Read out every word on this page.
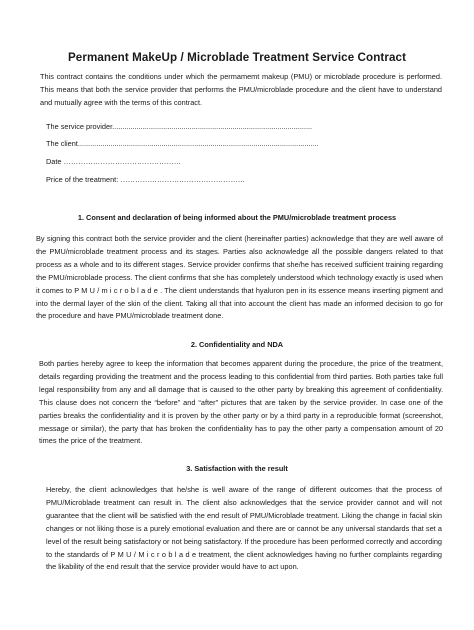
Permanent MakeUp / Microblade Treatment Service Contract
This contract contains the conditions under which the permamemt makeup (PMU) or microblade procedure is performed. This means that both the service provider that performs the PMU/microblade procedure and the client have to understand and mutually agree with the terms of this contract.
The service provider..................................................................................................
The client......................................................................................................................
Date …………………………………………
Price of the treatment: ……………………………………………
1. Consent and declaration of being informed about the PMU/microblade treatment process
By signing this contract both the service provider and the client (hereinafter parties) acknowledge that they are well aware of the PMU/microblade treatment process and its stages. Parties also acknowledge all the possible dangers related to that process as a whole and to its different stages. Service provider confirms that she/he has received sufficient training regarding the PMU/microblade process. The client confirms that she has completely understood which technology exactly is used when it comes to P M U / m i c r o b l a d e . The client understands that hyaluron pen in its essence means inserting pigment and into the dermal layer of the skin of the client. Taking all that into account the client has made an informed decision to go for the procedure and have PMU/microblade treatment done.
2. Confidentiality and NDA
Both parties hereby agree to keep the information that becomes apparent during the procedure, the price of the treatment, details regarding providing the treatment and the process leading to this confidential from third parties. Both parties take full legal responsibility from any and all damage that is caused to the other party by breaking this agreement of confidentiality. This clause does not concern the “before” and “after” pictures that are taken by the service provider. In case one of the parties breaks the confidentiality and it is proven by the other party or by a third party in a reproducible format (screenshot, message or similar), the party that has broken the confidentiality has to pay the other party a compensation amount of 20 times the price of the treatment.
3. Satisfaction with the result
Hereby, the client acknowledges that he/she is well aware of the range of different outcomes that the process of PMU/Microblade treatment can result in. The client also acknowledges that the service provider cannot and will not guarantee that the client will be satisfied with the end result of PMU/Microblade treatment. Liking the change in facial skin changes or not liking those is a purely emotional evaluation and there are or cannot be any universal standards that set a level of the result being satisfactory or not being satisfactory. If the procedure has been performed correctly and according to the standards of P M U / M i c r o b l a d e treatment, the client acknowledges having no further complaints regarding the likability of the end result that the service provider would have to act upon.
